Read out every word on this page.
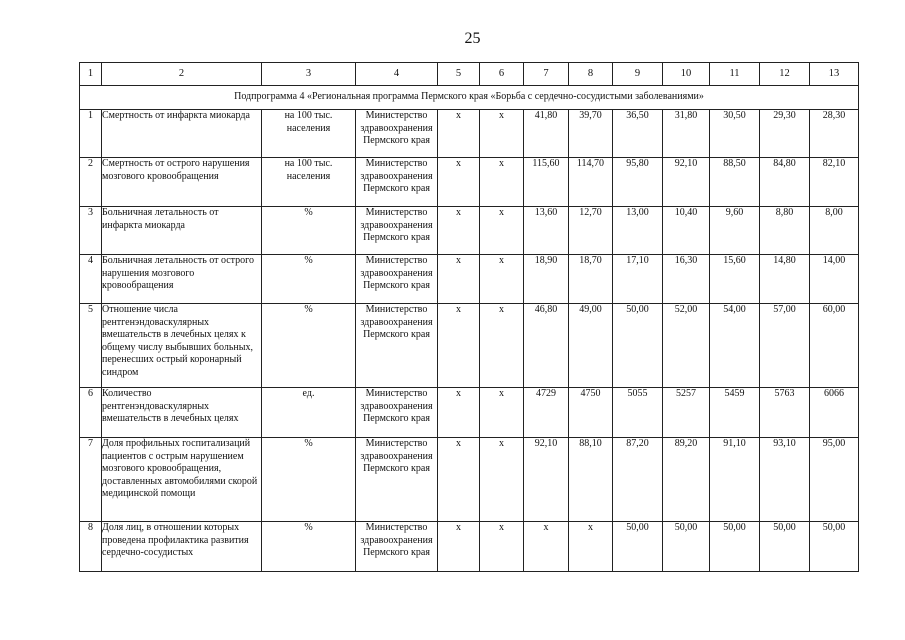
25
1	2	3	4	5	6	7	8	9	10	11	12	13
Подпрограмма 4 «Региональная программа Пермского края «Борьба с сердечно-сосудистыми заболеваниями»												
1	Смертность от инфаркта миокарда	на 100 тыс. населения	Министерство здравоохранения Пермского края	х	х	41,80	39,70	36,50	31,80	30,50	29,30	28,30
2	Смертность от острого нарушения мозгового кровообращения	на 100 тыс. населения	Министерство здравоохранения Пермского края	х	х	115,60	114,70	95,80	92,10	88,50	84,80	82,10
3	Больничная летальность от инфаркта миокарда	%	Министерство здравоохранения Пермского края	х	х	13,60	12,70	13,00	10,40	9,60	8,80	8,00
4	Больничная летальность от острого нарушения мозгового кровообращения	%	Министерство здравоохранения Пермского края	х	х	18,90	18,70	17,10	16,30	15,60	14,80	14,00
5	Отношение числа рентгенэндоваскулярных вмешательств в лечебных целях к общему числу выбывших больных, перенесших острый коронарный синдром	%	Министерство здравоохранения Пермского края	х	х	46,80	49,00	50,00	52,00	54,00	57,00	60,00
6	Количество рентгенэндоваскулярных вмешательств в лечебных целях	ед.	Министерство здравоохранения Пермского края	х	х	4729	4750	5055	5257	5459	5763	6066
7	Доля профильных госпитализаций пациентов с острым нарушением мозгового кровообращения, доставленных автомобилями скорой медицинской помощи	%	Министерство здравоохранения Пермского края	х	х	92,10	88,10	87,20	89,20	91,10	93,10	95,00
8	Доля лиц, в отношении которых проведена профилактика развития сердечно-сосудистых	%	Министерство здравоохранения Пермского края	х	х	х	х	50,00	50,00	50,00	50,00	50,00
